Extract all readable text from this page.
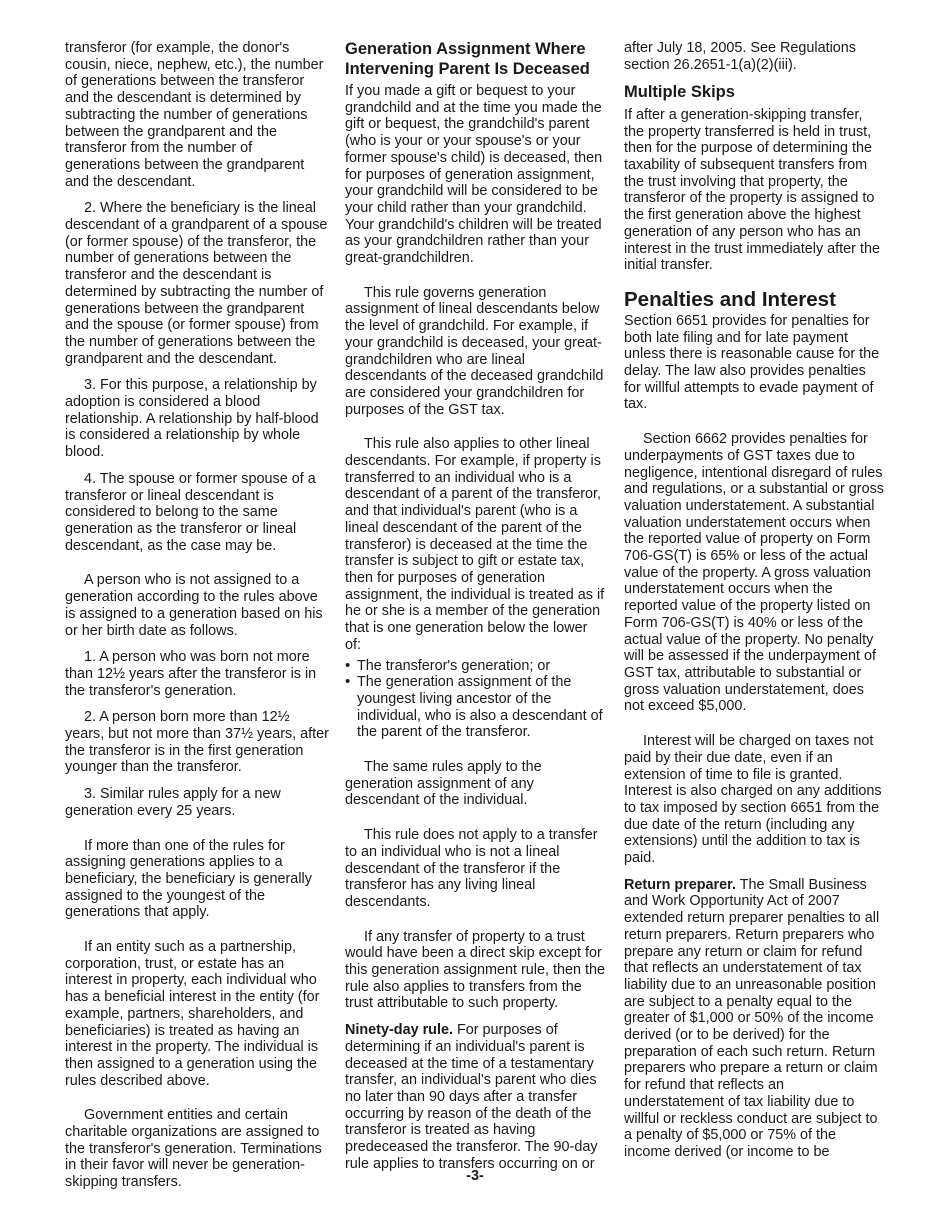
transferor (for example, the donor's cousin, niece, nephew, etc.), the number of generations between the transferor and the descendant is determined by subtracting the number of generations between the grandparent and the transferor from the number of generations between the grandparent and the descendant.

2. Where the beneficiary is the lineal descendant of a grandparent of a spouse (or former spouse) of the transferor, the number of generations between the transferor and the descendant is determined by subtracting the number of generations between the grandparent and the spouse (or former spouse) from the number of generations between the grandparent and the descendant.

3. For this purpose, a relationship by adoption is considered a blood relationship. A relationship by half-blood is considered a relationship by whole blood.

4. The spouse or former spouse of a transferor or lineal descendant is considered to belong to the same generation as the transferor or lineal descendant, as the case may be.

A person who is not assigned to a generation according to the rules above is assigned to a generation based on his or her birth date as follows.

1. A person who was born not more than 12½ years after the transferor is in the transferor's generation.

2. A person born more than 12½ years, but not more than 37½ years, after the transferor is in the first generation younger than the transferor.

3. Similar rules apply for a new generation every 25 years.

If more than one of the rules for assigning generations applies to a beneficiary, the beneficiary is generally assigned to the youngest of the generations that apply.

If an entity such as a partnership, corporation, trust, or estate has an interest in property, each individual who has a beneficial interest in the entity (for example, partners, shareholders, and beneficiaries) is treated as having an interest in the property. The individual is then assigned to a generation using the rules described above.

Government entities and certain charitable organizations are assigned to the transferor's generation. Terminations in their favor will never be generation-skipping transfers.

Generation Assignment Where Intervening Parent Is Deceased

If you made a gift or bequest to your grandchild and at the time you made the gift or bequest, the grandchild's parent (who is your or your spouse's or your former spouse's child) is deceased, then for purposes of generation assignment, your grandchild will be considered to be your child rather than your grandchild. Your grandchild's children will be treated as your grandchildren rather than your great-grandchildren.

This rule governs generation assignment of lineal descendants below the level of grandchild. For example, if your grandchild is deceased, your great-grandchildren who are lineal descendants of the deceased grandchild are considered your grandchildren for purposes of the GST tax.

This rule also applies to other lineal descendants. For example, if property is transferred to an individual who is a descendant of a parent of the transferor, and that individual's parent (who is a lineal descendant of the parent of the transferor) is deceased at the time the transfer is subject to gift or estate tax, then for purposes of generation assignment, the individual is treated as if he or she is a member of the generation that is one generation below the lower of:

• The transferor's generation; or
• The generation assignment of the youngest living ancestor of the individual, who is also a descendant of the parent of the transferor.

The same rules apply to the generation assignment of any descendant of the individual.

This rule does not apply to a transfer to an individual who is not a lineal descendant of the transferor if the transferor has any living lineal descendants.

If any transfer of property to a trust would have been a direct skip except for this generation assignment rule, then the rule also applies to transfers from the trust attributable to such property.

Ninety-day rule. For purposes of determining if an individual's parent is deceased at the time of a testamentary transfer, an individual's parent who dies no later than 90 days after a transfer occurring by reason of the death of the transferor is treated as having predeceased the transferor. The 90-day rule applies to transfers occurring on or

after July 18, 2005. See Regulations section 26.2651-1(a)(2)(iii).

Multiple Skips

If after a generation-skipping transfer, the property transferred is held in trust, then for the purpose of determining the taxability of subsequent transfers from the trust involving that property, the transferor of the property is assigned to the first generation above the highest generation of any person who has an interest in the trust immediately after the initial transfer.

Penalties and Interest

Section 6651 provides for penalties for both late filing and for late payment unless there is reasonable cause for the delay. The law also provides penalties for willful attempts to evade payment of tax.

Section 6662 provides penalties for underpayments of GST taxes due to negligence, intentional disregard of rules and regulations, or a substantial or gross valuation understatement. A substantial valuation understatement occurs when the reported value of property on Form 706-GS(T) is 65% or less of the actual value of the property. A gross valuation understatement occurs when the reported value of the property listed on Form 706-GS(T) is 40% or less of the actual value of the property. No penalty will be assessed if the underpayment of GST tax, attributable to substantial or gross valuation understatement, does not exceed $5,000.

Interest will be charged on taxes not paid by their due date, even if an extension of time to file is granted. Interest is also charged on any additions to tax imposed by section 6651 from the due date of the return (including any extensions) until the addition to tax is paid.

Return preparer. The Small Business and Work Opportunity Act of 2007 extended return preparer penalties to all return preparers. Return preparers who prepare any return or claim for refund that reflects an understatement of tax liability due to an unreasonable position are subject to a penalty equal to the greater of $1,000 or 50% of the income derived (or to be derived) for the preparation of each such return. Return preparers who prepare a return or claim for refund that reflects an understatement of tax liability due to willful or reckless conduct are subject to a penalty of $5,000 or 75% of the income derived (or income to be

-3-
